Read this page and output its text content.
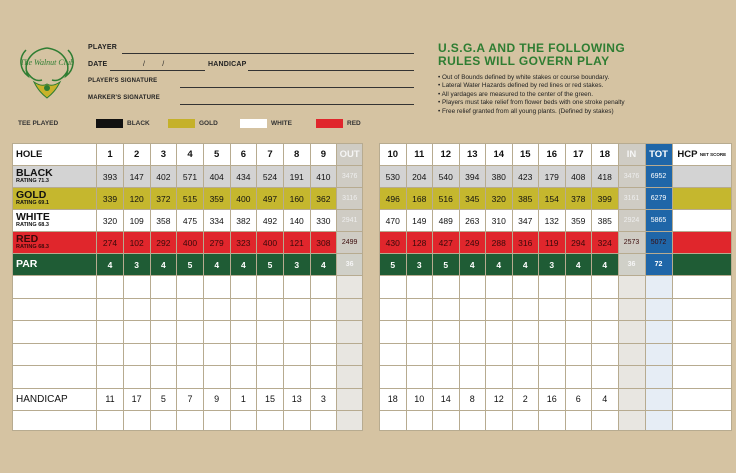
The Walnut Club
PLAYER
DATE	/        /	HANDICAP
PLAYER'S SIGNATURE
MARKER'S SIGNATURE
TEE PLAYED	BLACK	GOLD	WHITE	RED
U.S.G.A AND THE FOLLOWING
RULES WILL GOVERN PLAY
• Out of Bounds defined by white stakes or course boundary.
• Lateral Water Hazards defined by red lines or red stakes.
• All yardages are measured to the center of the green.
• Players must take relief from flower beds with one stroke penalty
• Free relief granted from all young plants. (Defined by stakes)
HOLE	1	2	3	4	5	6	7	8	9	OUT
BLACK
RATING 71.3	393	147	402	571	404	434	524	191	410	3476
GOLD
RATING 69.1	339	120	372	515	359	400	497	160	362	3116
WHITE
RATING 68.3	320	109	358	475	334	382	492	140	330	2941
RED
RATING 68.3	274	102	292	400	279	323	400	121	308	2499
PAR	4	3	4	5	4	4	5	3	4	36

HANDICAP	11	17	5	7	9	1	15	13	3	

10	11	12	13	14	15	16	17	18	IN	TOT	HCP NET SCORE
530	204	540	394	380	423	179	408	418	3476	6952	
496	168	516	345	320	385	154	378	399	3161	6279	
470	149	489	263	310	347	132	359	385	2924	5865	
430	128	427	249	288	316	119	294	324	2573	5072	
5	3	5	4	4	4	3	4	4	36	72	

18	10	14	8	12	2	16	6	4			
